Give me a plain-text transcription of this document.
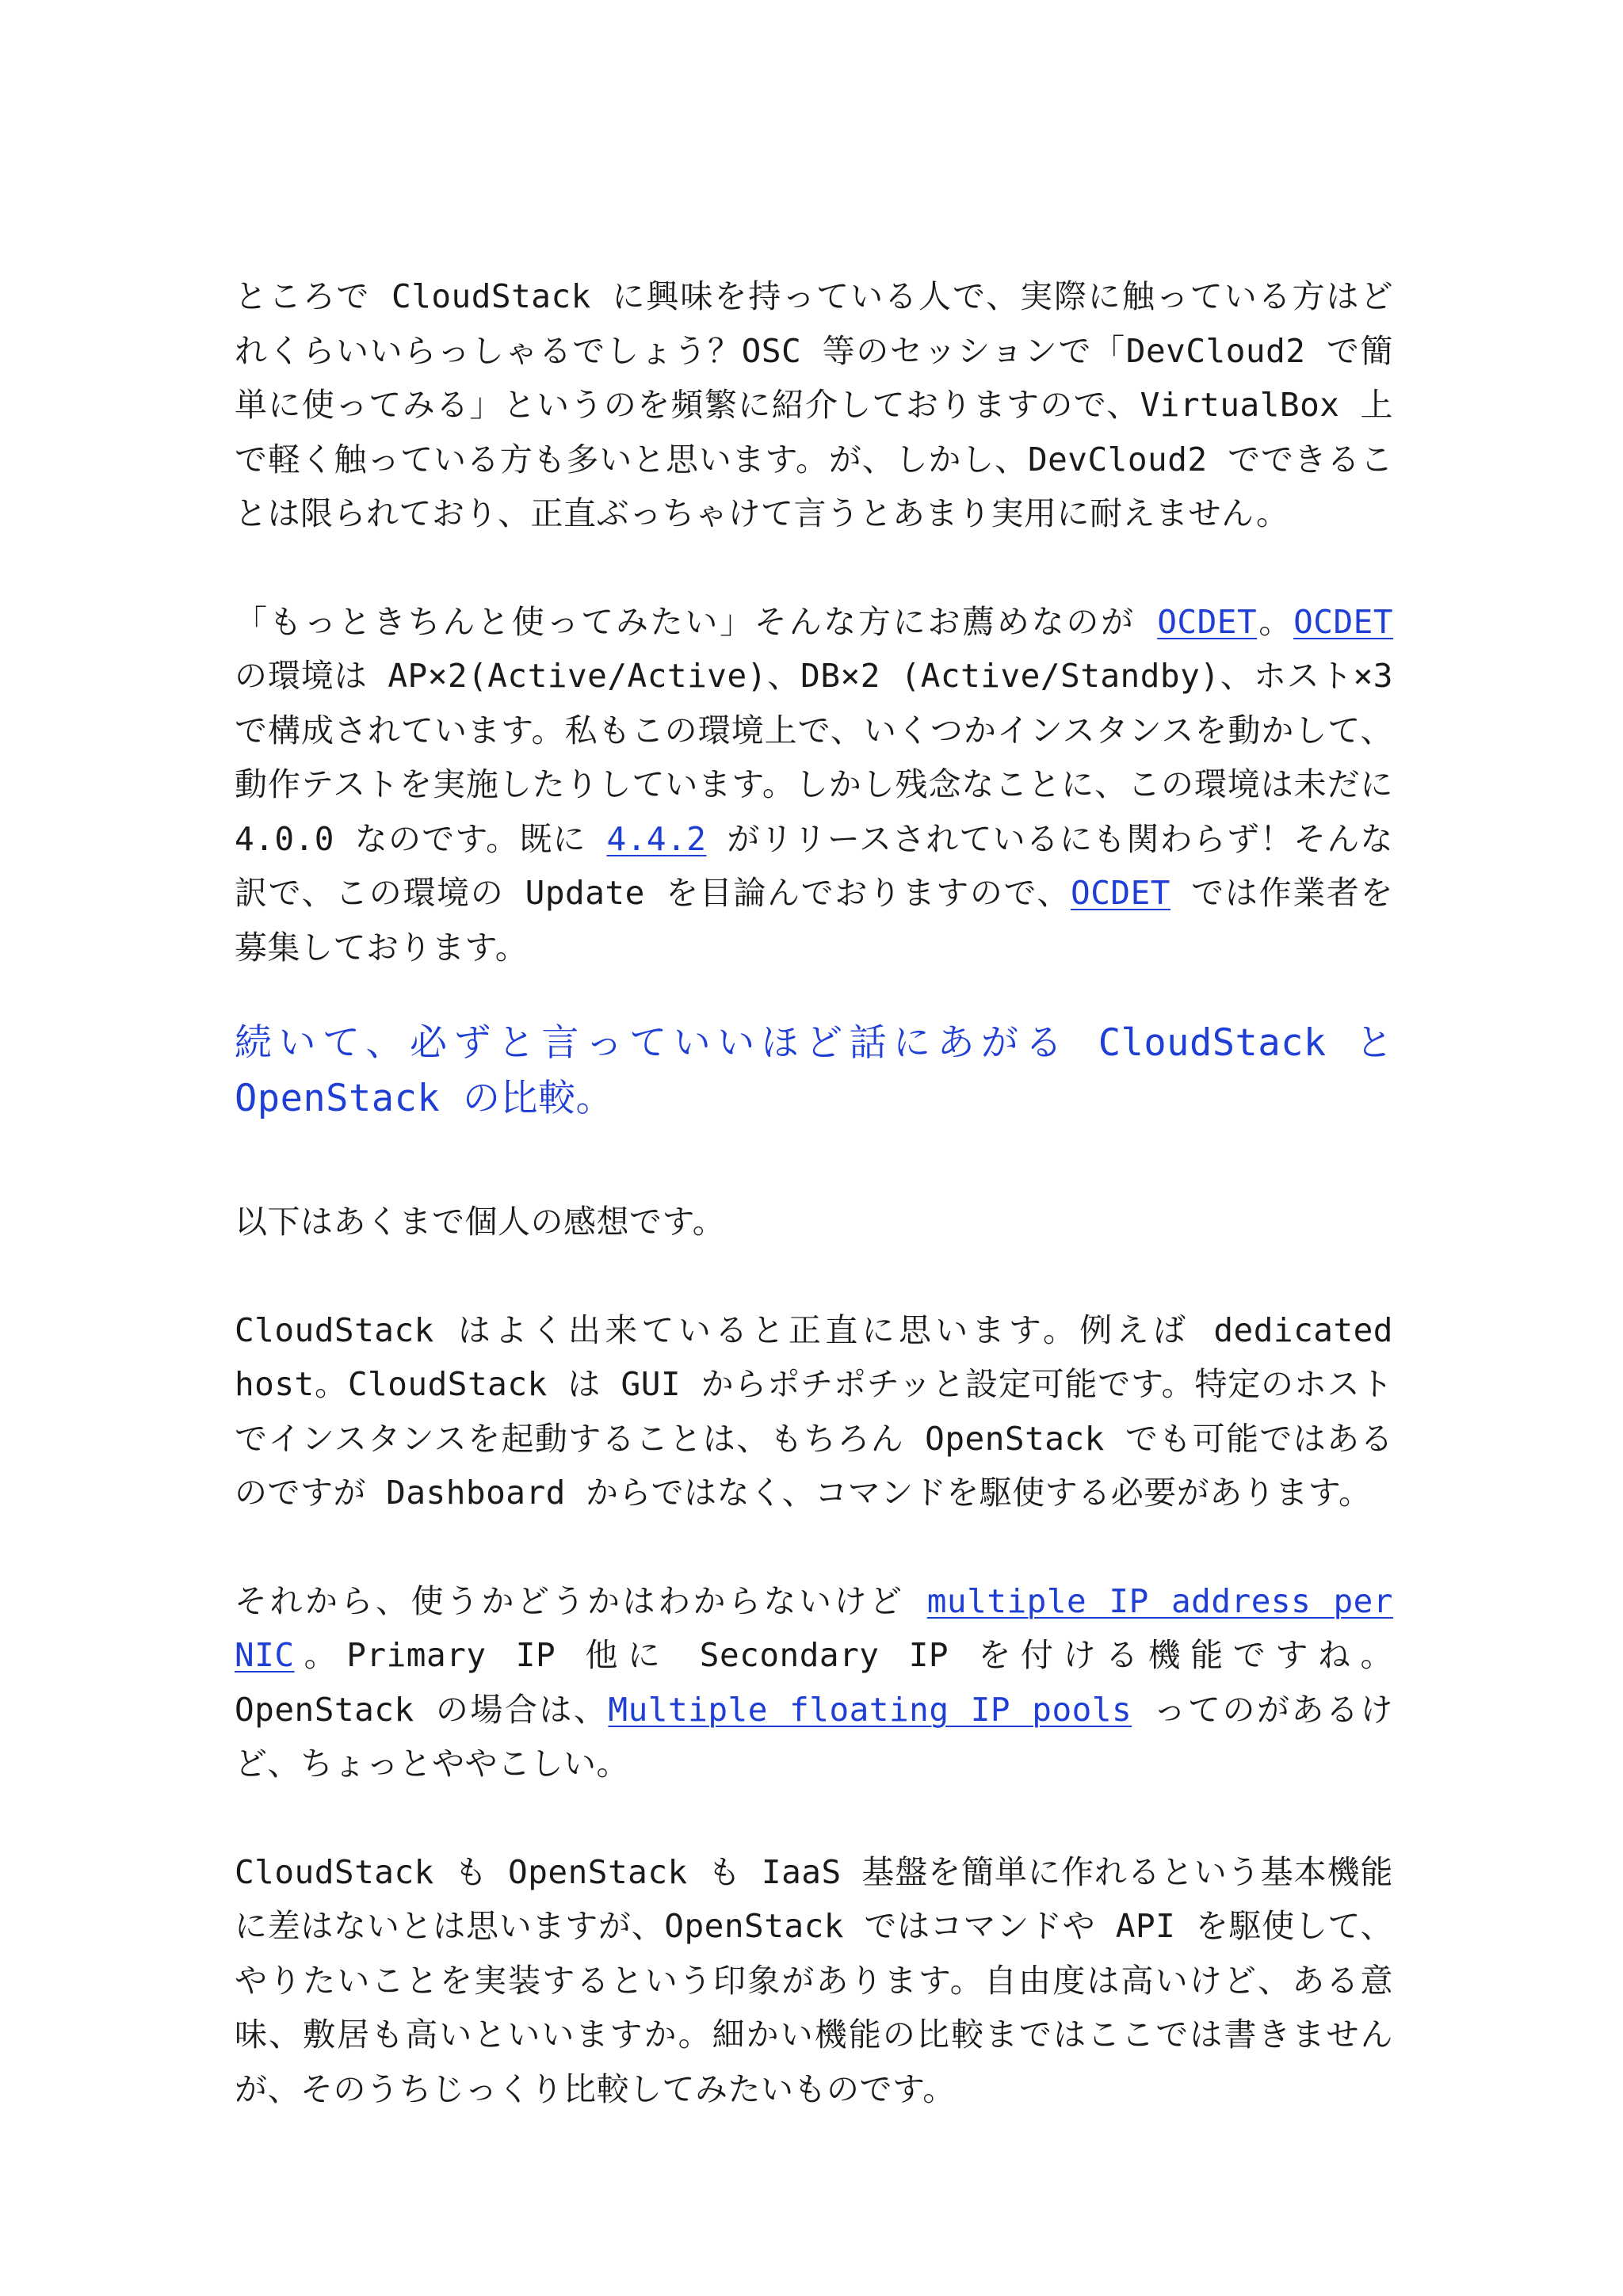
ところで CloudStack に興味を持っている人で、実際に触っている方はどれくらいいらっしゃるでしょう？OSC 等のセッションで「DevCloud2 で簡単に使ってみる」というのを頻繁に紹介しておりますので、VirtualBox 上で軽く触っている方も多いと思います。が、しかし、DevCloud2 でできることは限られており、正直ぶっちゃけて言うとあまり実用に耐えません。

「もっときちんと使ってみたい」そんな方にお薦めなのが OCDET。OCDET の環境は AP×2(Active/Active)、DB×2 (Active/Standby)、ホスト×3 で構成されています。私もこの環境上で、いくつかインスタンスを動かして、動作テストを実施したりしています。しかし残念なことに、この環境は未だに 4.0.0 なのです。既に 4.4.2 がリリースされているにも関わらず！そんな訳で、この環境の Update を目論んでおりますので、OCDET では作業者を募集しております。

続いて、必ずと言っていいほど話にあがる CloudStack と OpenStack の比較。

以下はあくまで個人の感想です。

CloudStack はよく出来ていると正直に思います。例えば dedicated host。CloudStack は GUI からポチポチッと設定可能です。特定のホストでインスタンスを起動することは、もちろん OpenStack でも可能ではあるのですが Dashboard からではなく、コマンドを駆使する必要があります。

それから、使うかどうかはわからないけど multiple IP address per NIC。Primary IP 他に Secondary IP を付ける機能ですね。OpenStack の場合は、Multiple floating IP pools ってのがあるけど、ちょっとややこしい。

CloudStack も OpenStack も IaaS 基盤を簡単に作れるという基本機能に差はないとは思いますが、OpenStack ではコマンドや API を駆使して、やりたいことを実装するという印象があります。自由度は高いけど、ある意味、敷居も高いといいますか。細かい機能の比較まではここでは書きませんが、そのうちじっくり比較してみたいものです。
